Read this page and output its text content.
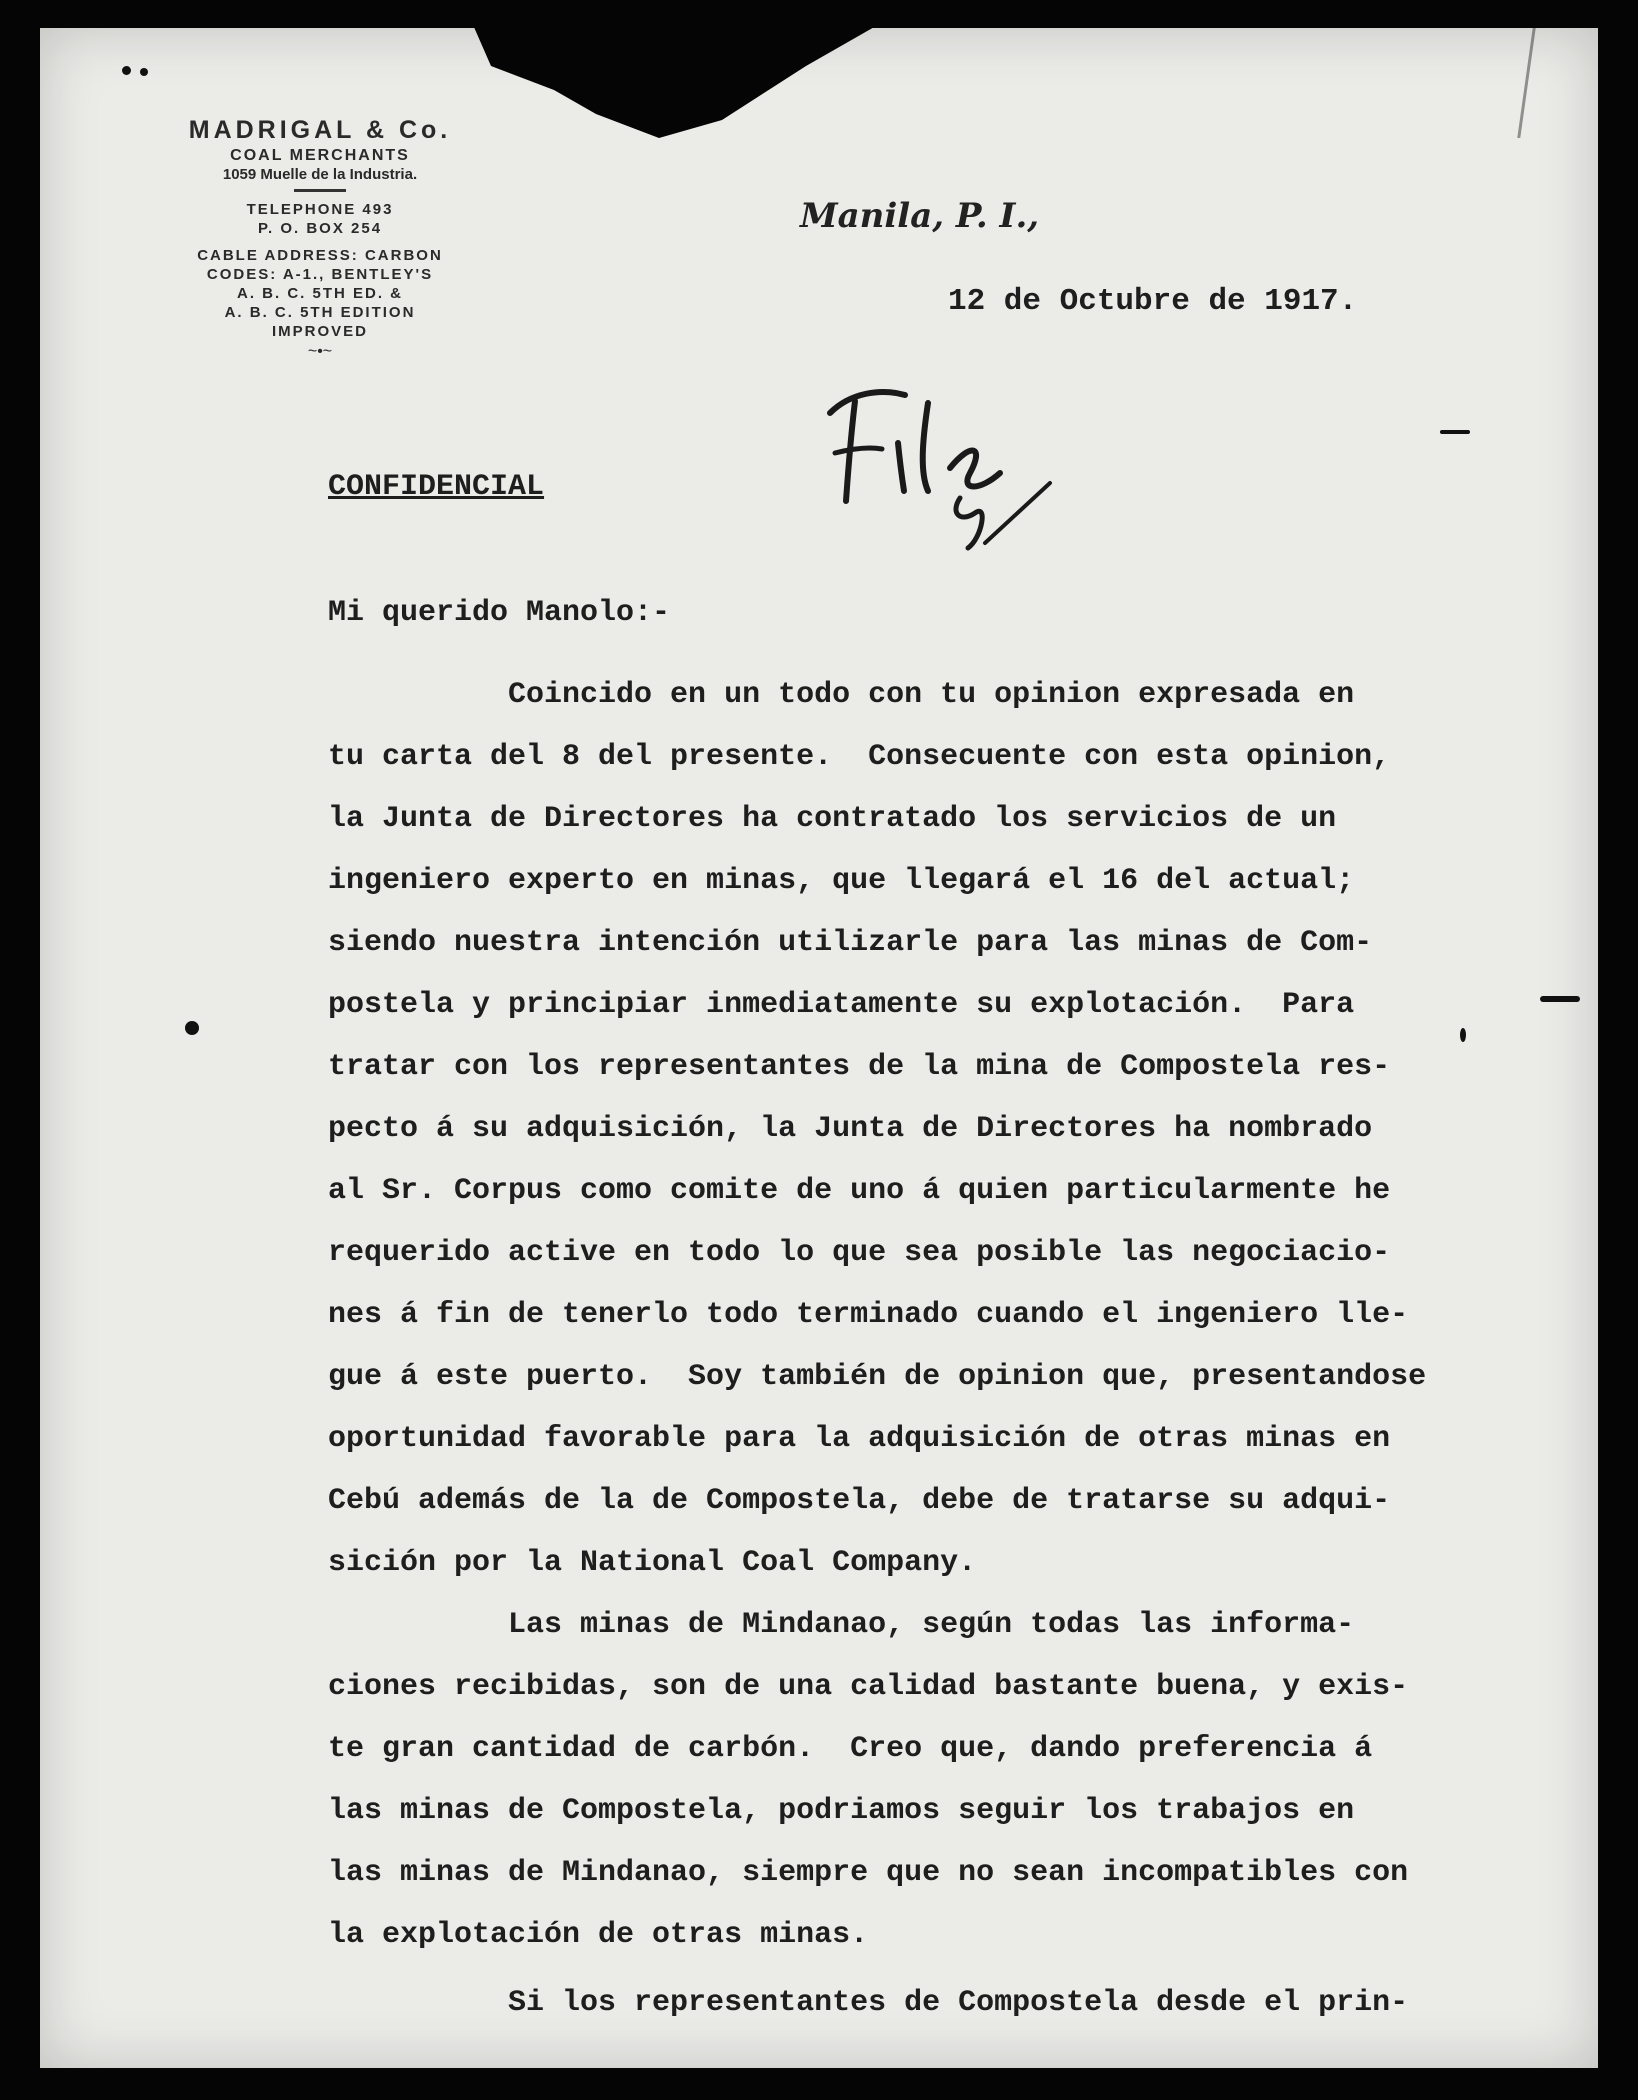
MADRIGAL & Co.
COAL MERCHANTS
1059 Muelle de la Industria.
TELEPHONE 493
P. O. BOX 254
CABLE ADDRESS: CARBON
CODES: A-1., BENTLEY'S
A. B. C. 5TH ED. &
A. B. C. 5TH EDITION
IMPROVED
~•~
Manila, P. I.,
12 de Octubre de 1917.
CONFIDENCIAL
Mi querido Manolo:-
Coincido en un todo con tu opinion expresada en
tu carta del 8 del presente.  Consecuente con esta opinion,
la Junta de Directores ha contratado los servicios de un
ingeniero experto en minas, que llegará el 16 del actual;
siendo nuestra intención utilizarle para las minas de Com-
postela y principiar inmediatamente su explotación.  Para
tratar con los representantes de la mina de Compostela res-
pecto á su adquisición, la Junta de Directores ha nombrado
al Sr. Corpus como comite de uno á quien particularmente he
requerido active en todo lo que sea posible las negociacio-
nes á fin de tenerlo todo terminado cuando el ingeniero lle-
gue á este puerto.  Soy también de opinion que, presentandose
oportunidad favorable para la adquisición de otras minas en
Cebú además de la de Compostela, debe de tratarse su adqui-
sición por la National Coal Company.
Las minas de Mindanao, según todas las informa-
ciones recibidas, son de una calidad bastante buena, y exis-
te gran cantidad de carbón.  Creo que, dando preferencia á
las minas de Compostela, podriamos seguir los trabajos en
las minas de Mindanao, siempre que no sean incompatibles con
la explotación de otras minas.
Si los representantes de Compostela desde el prin-
